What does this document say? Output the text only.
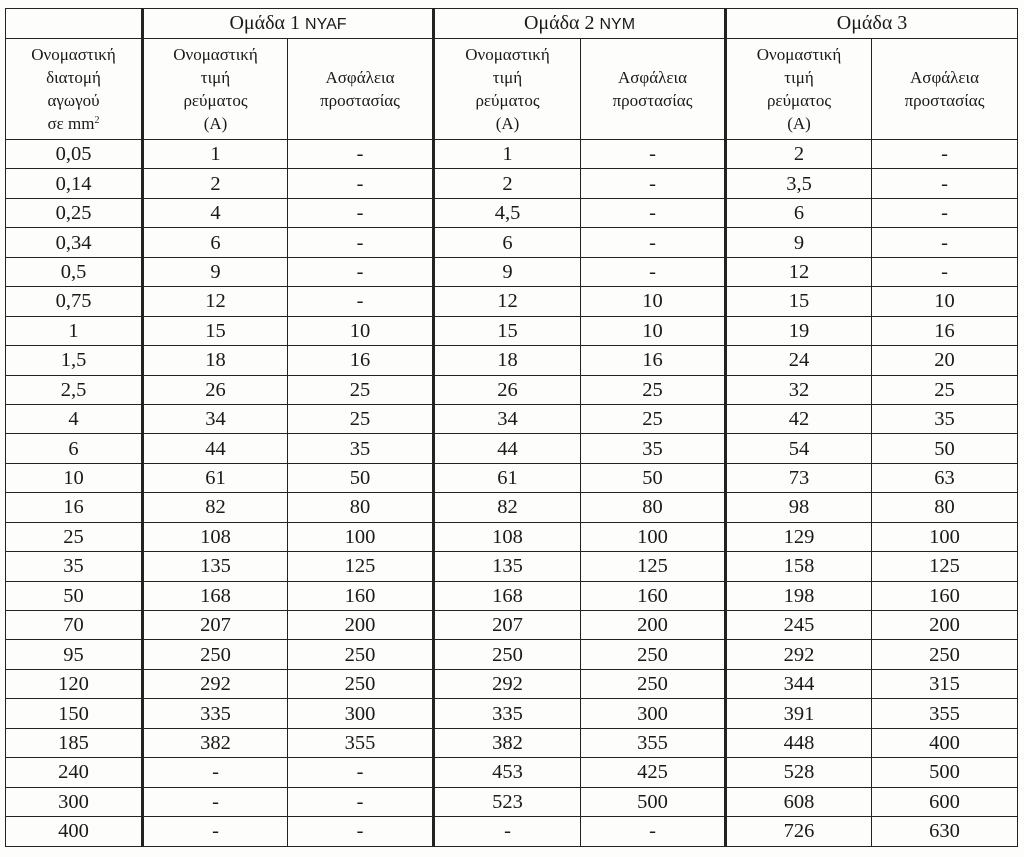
	Ομάδα 1 NYAF		Ομάδα 2 NYM		Ομάδα 3	

Ονομαστική
διατομή
αγωγού
σε $mm^2$	Ονομαστική
τιμή
ρεύματος
(A)	Ασφάλεια
προστασίας	Ονομαστική
τιμή
ρεύματος
(A)	Ασφάλεια
προστασίας	Ονομαστική
τιμή
ρεύματος
(A)	Ασφάλεια
προστασίας

0,05	1	-	1	-	2	-
0,14	2	-	2	-	3,5	-
0,25	4	-	4,5	-	6	-
0,34	6	-	6	-	9	-
0,5	9	-	9	-	12	-
0,75	12	-	12	10	15	10
1	15	10	15	10	19	16
1,5	18	16	18	16	24	20
2,5	26	25	26	25	32	25
4	34	25	34	25	42	35
6	44	35	44	35	54	50
10	61	50	61	50	73	63
16	82	80	82	80	98	80
25	108	100	108	100	129	100
35	135	125	135	125	158	125
50	168	160	168	160	198	160
70	207	200	207	200	245	200
95	250	250	250	250	292	250
120	292	250	292	250	344	315
150	335	300	335	300	391	355
185	382	355	382	355	448	400
240	-	-	453	425	528	500
300	-	-	523	500	608	600
400	-	-	-	-	726	630
